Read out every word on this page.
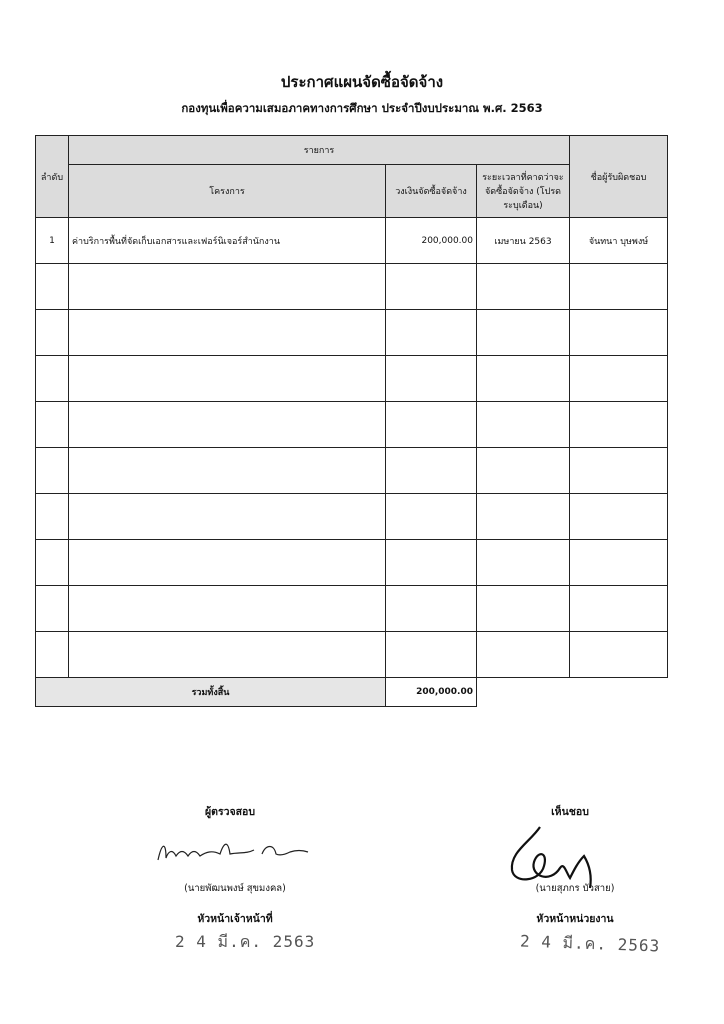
ประกาศแผนจัดซื้อจัดจ้าง
กองทุนเพื่อความเสมอภาคทางการศึกษา ประจำปีงบประมาณ พ.ศ. 2563
ลำดับ	รายการ			ชื่อผู้รับผิดชอบ
	โครงการ	วงเงินจัดซื้อจัดจ้าง	ระยะเวลาที่คาดว่าจะจัดซื้อจัดจ้าง (โปรดระบุเดือน)	
1	ค่าบริการพื้นที่จัดเก็บเอกสารและเฟอร์นิเจอร์สำนักงาน	200,000.00	เมษายน 2563	จันทนา บุษพงษ์

รวมทั้งสิ้น		200,000.00		
ผู้ตรวจสอบ
(นายพัฒนพงษ์ สุขมงคล)
หัวหน้าเจ้าหน้าที่
2 4 มี.ค. 2563
เห็นชอบ
(นายสุภกร บัวสาย)
หัวหน้าหน่วยงาน
2 4 มี.ค. 2563
